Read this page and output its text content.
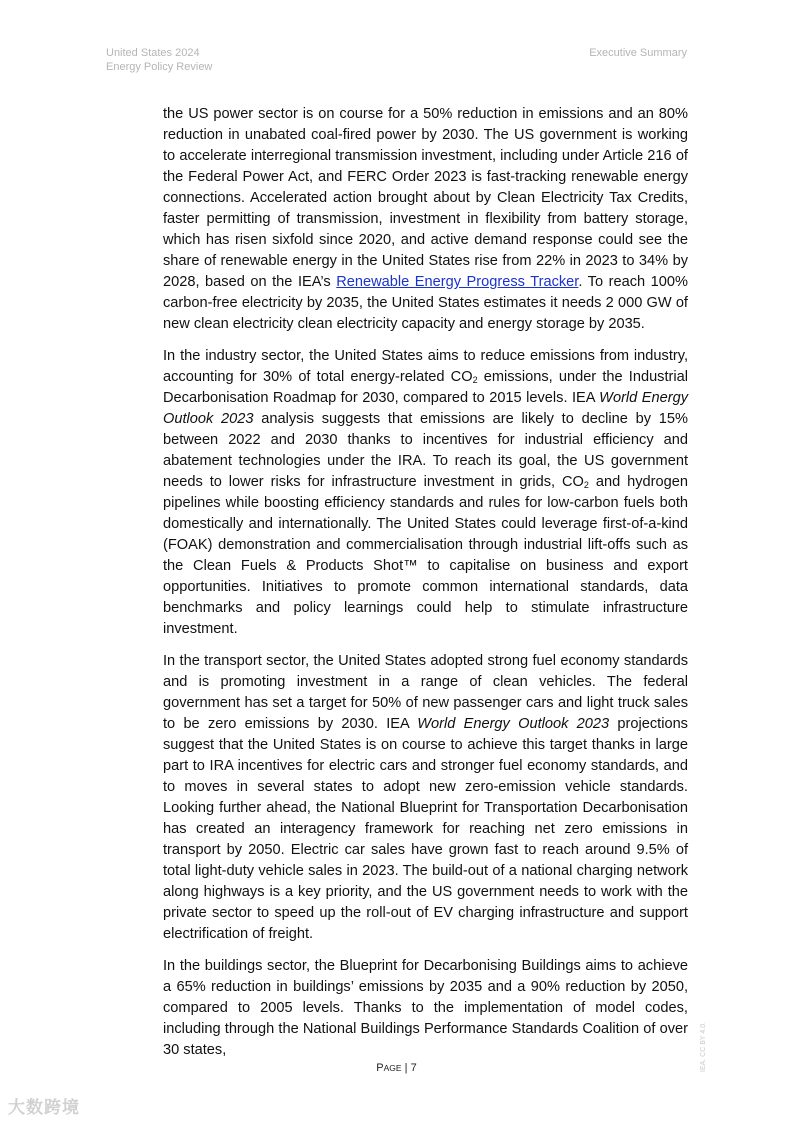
United States 2024
Energy Policy Review
Executive Summary

the US power sector is on course for a 50% reduction in emissions and an 80% reduction in unabated coal-fired power by 2030. The US government is working to accelerate interregional transmission investment, including under Article 216 of the Federal Power Act, and FERC Order 2023 is fast-tracking renewable energy connections. Accelerated action brought about by Clean Electricity Tax Credits, faster permitting of transmission, investment in flexibility from battery storage, which has risen sixfold since 2020, and active demand response could see the share of renewable energy in the United States rise from 22% in 2023 to 34% by 2028, based on the IEA’s Renewable Energy Progress Tracker. To reach 100% carbon-free electricity by 2035, the United States estimates it needs 2 000 GW of new clean electricity clean electricity capacity and energy storage by 2035.

In the industry sector, the United States aims to reduce emissions from industry, accounting for 30% of total energy-related $CO_2$ emissions, under the Industrial Decarbonisation Roadmap for 2030, compared to 2015 levels. IEA World Energy Outlook 2023 analysis suggests that emissions are likely to decline by 15% between 2022 and 2030 thanks to incentives for industrial efficiency and abatement technologies under the IRA. To reach its goal, the US government needs to lower risks for infrastructure investment in grids, $CO_2$ and hydrogen pipelines while boosting efficiency standards and rules for low-carbon fuels both domestically and internationally. The United States could leverage first-of-a-kind (FOAK) demonstration and commercialisation through industrial lift-offs such as the Clean Fuels & Products Shot™ to capitalise on business and export opportunities. Initiatives to promote common international standards, data benchmarks and policy learnings could help to stimulate infrastructure investment.

In the transport sector, the United States adopted strong fuel economy standards and is promoting investment in a range of clean vehicles. The federal government has set a target for 50% of new passenger cars and light truck sales to be zero emissions by 2030. IEA World Energy Outlook 2023 projections suggest that the United States is on course to achieve this target thanks in large part to IRA incentives for electric cars and stronger fuel economy standards, and to moves in several states to adopt new zero-emission vehicle standards. Looking further ahead, the National Blueprint for Transportation Decarbonisation has created an interagency framework for reaching net zero emissions in transport by 2050. Electric car sales have grown fast to reach around 9.5% of total light-duty vehicle sales in 2023. The build-out of a national charging network along highways is a key priority, and the US government needs to work with the private sector to speed up the roll-out of EV charging infrastructure and support electrification of freight.

In the buildings sector, the Blueprint for Decarbonising Buildings aims to achieve a 65% reduction in buildings’ emissions by 2035 and a 90% reduction by 2050, compared to 2005 levels. Thanks to the implementation of model codes, including through the National Buildings Performance Standards Coalition of over 30 states,

PAGE | 7	IEA. CC BY 4.0.
大数跨境
